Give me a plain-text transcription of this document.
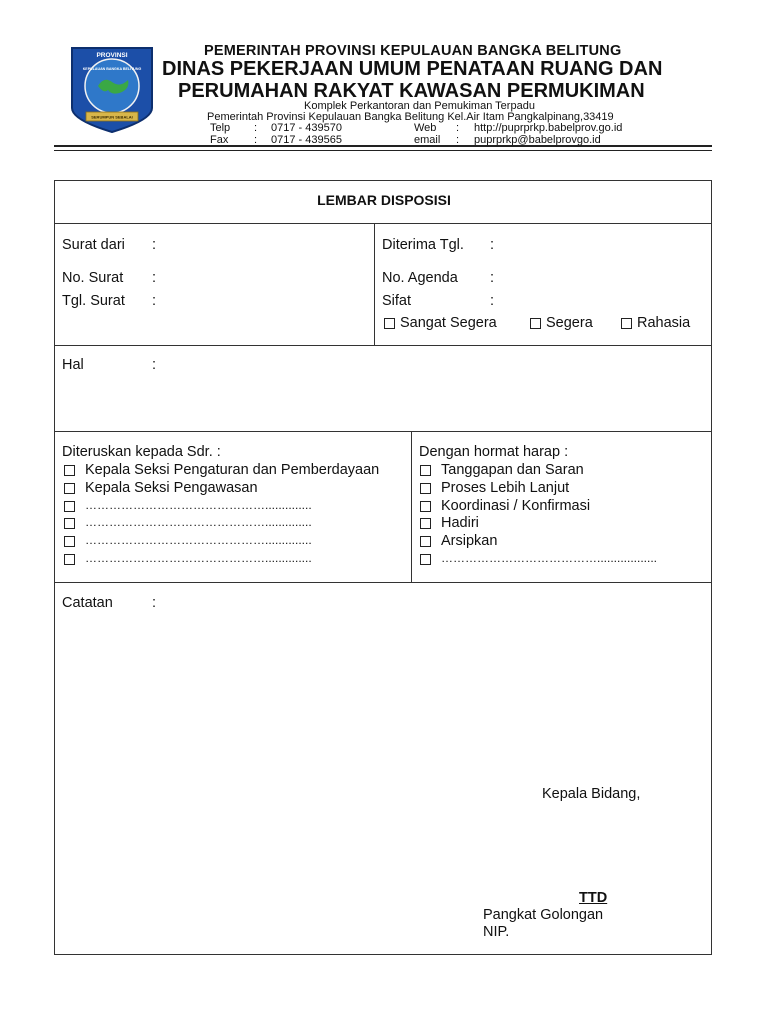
PROVINSI
KEPULAUAN BANGKA BELITUNG
SERUMPUN SEBALAI
PEMERINTAH PROVINSI KEPULAUAN BANGKA BELITUNG
DINAS PEKERJAAN UMUM PENATAAN RUANG DAN
PERUMAHAN RAKYAT KAWASAN PERMUKIMAN
Komplek Perkantoran dan Pemukiman Terpadu
Pemerintah Provinsi Kepulauan Bangka Belitung Kel.Air Itam Pangkalpinang,33419
Telp : 0717 - 439570
Fax : 0717 - 439565
Web : http://puprprkp.babelprov.go.id
email : puprprkp@babelprovgo.id
LEMBAR DISPOSISI
Surat dari :
No. Surat :
Tgl. Surat :
Diterima Tgl. :
No. Agenda :
Sifat	:
Sangat Segera	Segera	Rahasia
Hal	:
Diteruskan kepada Sdr. :
Kepala Seksi Pengaturan dan Pemberdayaan
Kepala Seksi Pengawasan
………………………………………..............
………………………………………..............
………………………………………..............
………………………………………..............
Dengan hormat harap :
Tanggapan dan Saran
Proses Lebih Lanjut
Koordinasi / Konfirmasi
Hadiri
Arsipkan
…………………………………..................
Catatan	:
Kepala Bidang,
TTD
Pangkat Golongan
NIP.
